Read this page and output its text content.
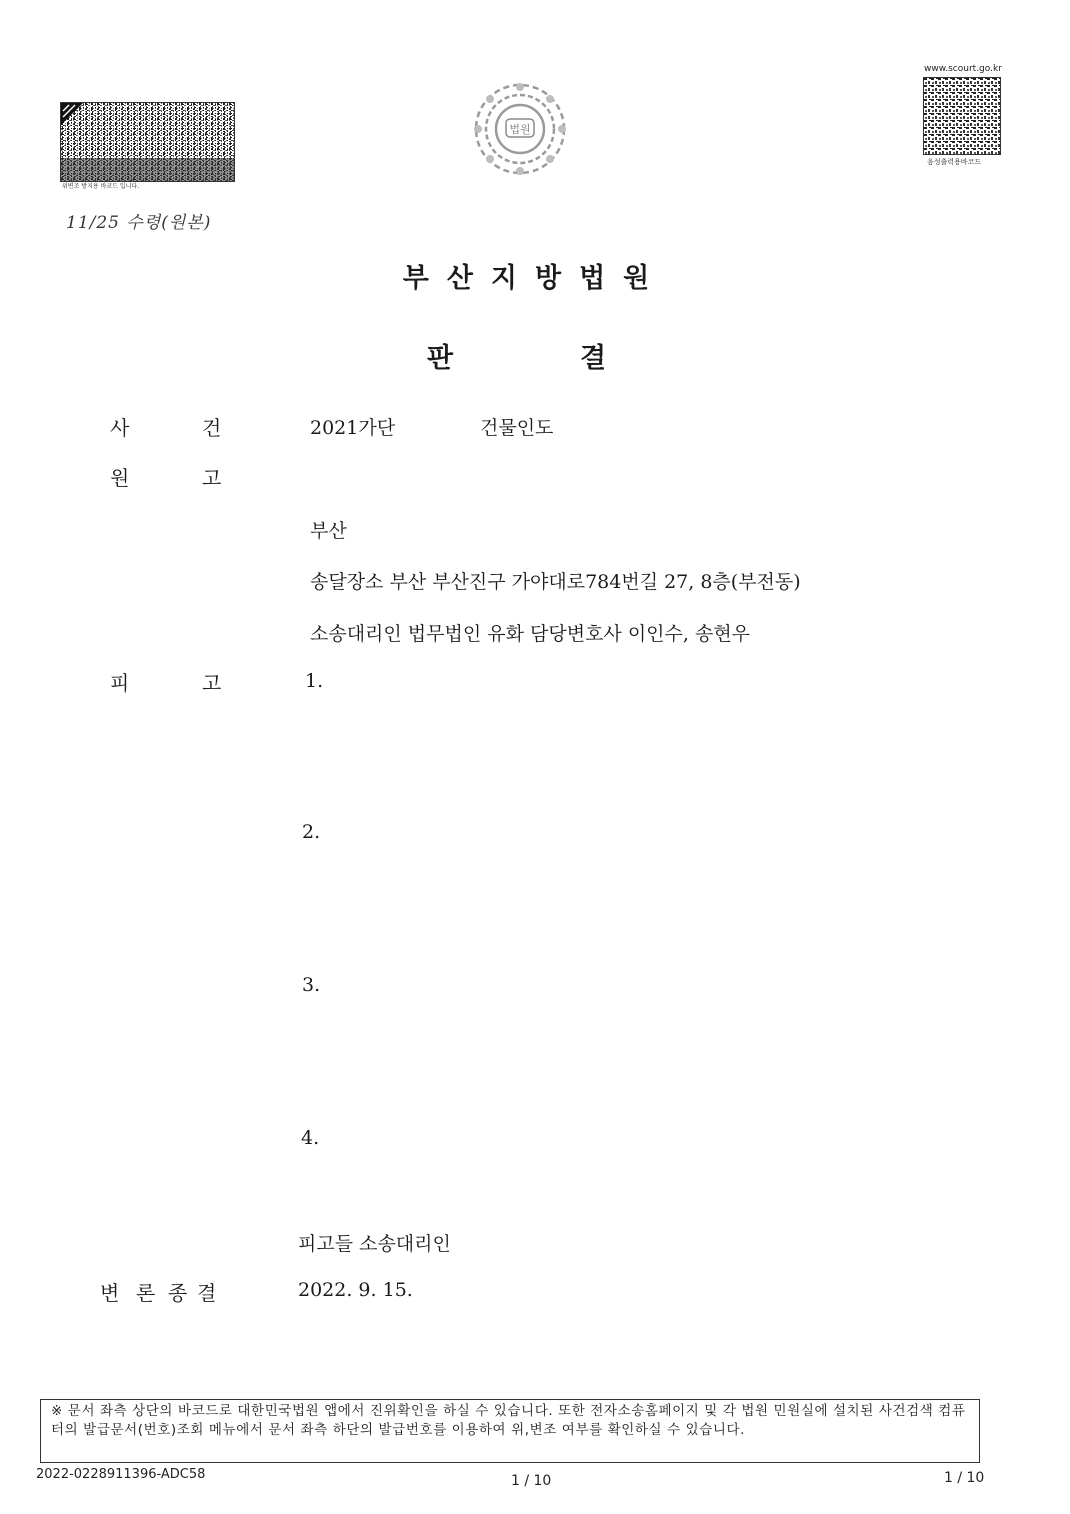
위변조 방지용 바코드 입니다.
11/25 수령(원본)
법원
www.scourt.go.kr
음성출력용바코드
부산지방법원
판	결
사	건	2021가단	건물인도
원	고
부산
송달장소 부산 부산진구 가야대로784번길 27, 8층(부전동)
소송대리인 법무법인 유화 담당변호사 이인수, 송현우
피	고	1.
2.
3.
4.
피고들 소송대리인
변 론 종 결	2022. 9. 15.
※ 문서 좌측 상단의 바코드로 대한민국법원 앱에서 진위확인을 하실 수 있습니다. 또한 전자소송홈페이지 및 각 법원 민원실에 설치된 사건검색 컴퓨터의 발급문서(번호)조회 메뉴에서 문서 좌측 하단의 발급번호를 이용하여 위,변조 여부를 확인하실 수 있습니다.
2022-0228911396-ADC58	1 / 10	1 / 10
